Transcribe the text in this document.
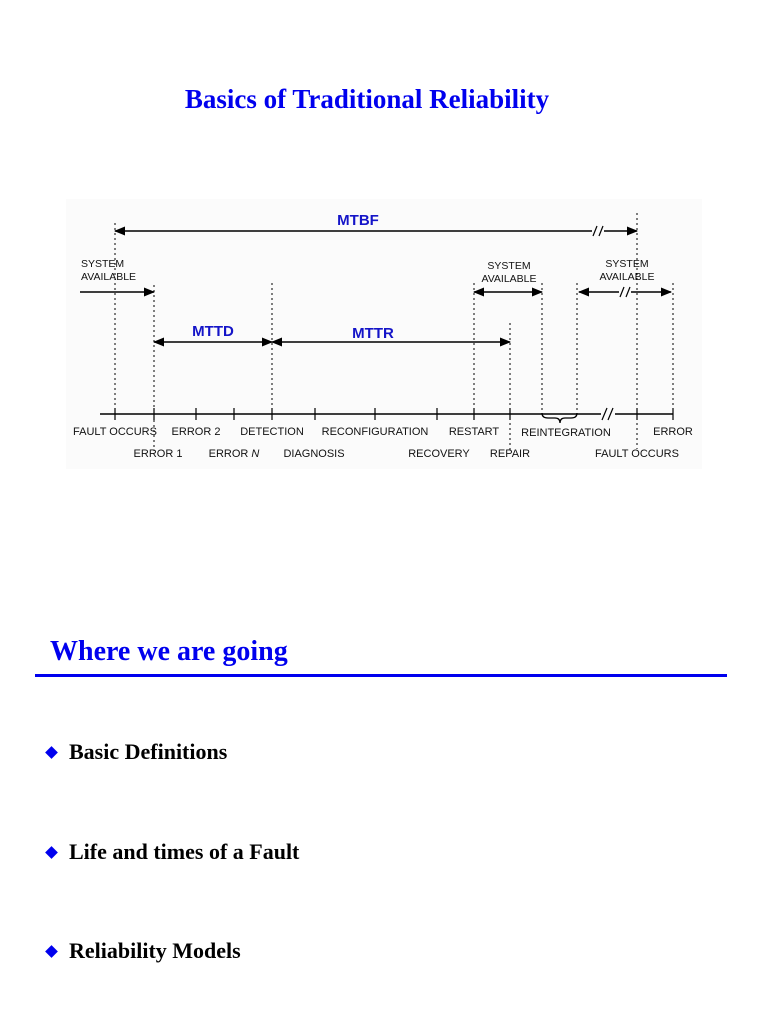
Basics of Traditional Reliability
MTBF
SYSTEM
AVAILABLE
SYSTEM
AVAILABLE
SYSTEM
AVAILABLE
MTTD	MTTR
FAULT OCCURS ERROR 2 DETECTION RECONFIGURATION RESTART REINTEGRATION	ERROR
ERROR 1 ERROR N DIAGNOSIS	RECOVERY REPAIR	FAULT OCCURS
Where we are going
Basic Definitions
Life and times of a Fault
Reliability Models
